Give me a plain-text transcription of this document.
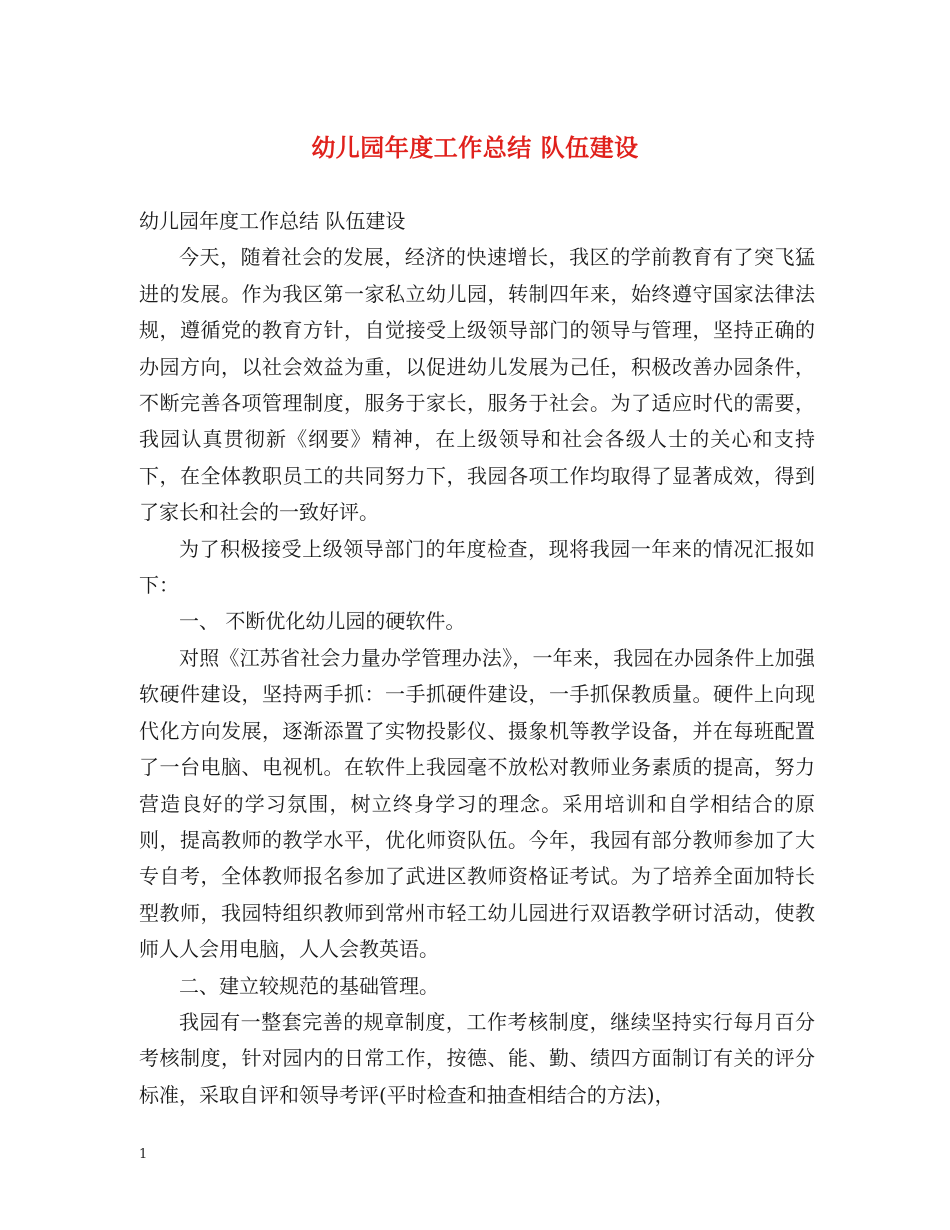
幼儿园年度工作总结 队伍建设

幼儿园年度工作总结 队伍建设

今天，随着社会的发展，经济的快速增长，我区的学前教育有了突飞猛进的发展。作为我区第一家私立幼儿园，转制四年来，始终遵守国家法律法规，遵循党的教育方针，自觉接受上级领导部门的领导与管理，坚持正确的办园方向，以社会效益为重，以促进幼儿发展为己任，积极改善办园条件，不断完善各项管理制度，服务于家长，服务于社会。为了适应时代的需要，我园认真贯彻新《纲要》精神，在上级领导和社会各级人士的关心和支持下，在全体教职员工的共同努力下，我园各项工作均取得了显著成效，得到了家长和社会的一致好评。

为了积极接受上级领导部门的年度检查，现将我园一年来的情况汇报如下：

一、 不断优化幼儿园的硬软件。

对照《江苏省社会力量办学管理办法》，一年来，我园在办园条件上加强软硬件建设，坚持两手抓：一手抓硬件建设，一手抓保教质量。硬件上向现代化方向发展，逐渐添置了实物投影仪、摄象机等教学设备，并在每班配置了一台电脑、电视机。在软件上我园毫不放松对教师业务素质的提高，努力营造良好的学习氛围，树立终身学习的理念。采用培训和自学相结合的原则，提高教师的教学水平，优化师资队伍。今年，我园有部分教师参加了大专自考，全体教师报名参加了武进区教师资格证考试。为了培养全面加特长型教师，我园特组织教师到常州市轻工幼儿园进行双语教学研讨活动，使教师人人会用电脑，人人会教英语。

二、建立较规范的基础管理。

我园有一整套完善的规章制度，工作考核制度，继续坚持实行每月百分考核制度，针对园内的日常工作，按德、能、勤、绩四方面制订有关的评分标准，采取自评和领导考评(平时检查和抽查相结合的方法)，

1
